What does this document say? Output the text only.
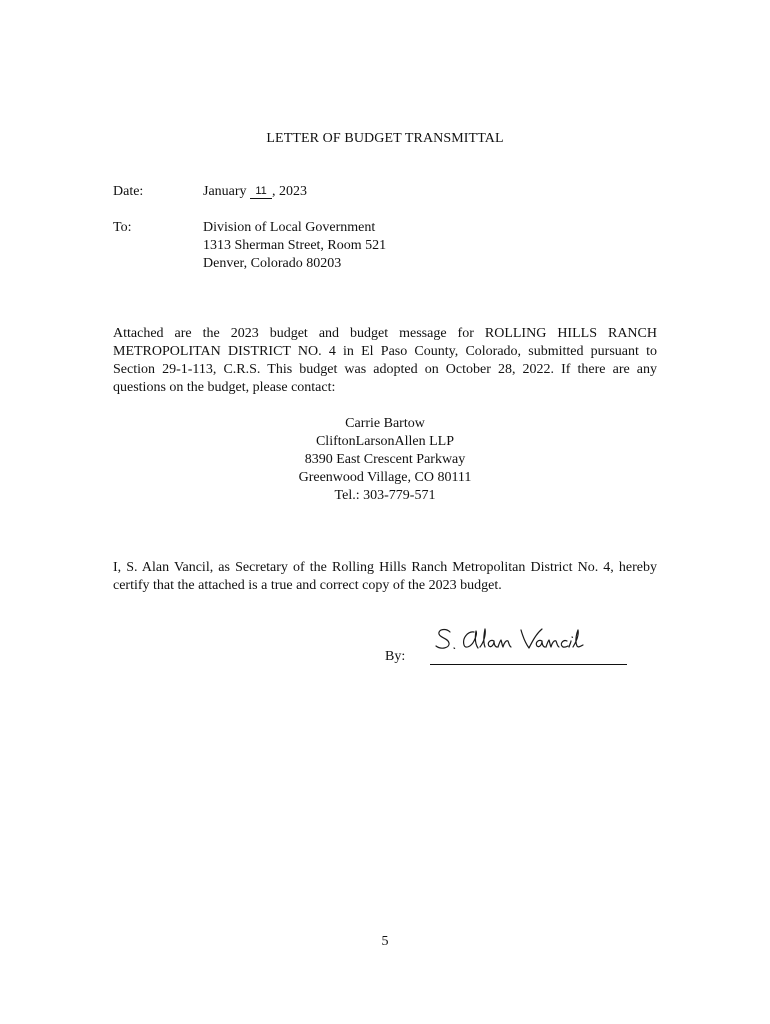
LETTER OF BUDGET TRANSMITTAL
Date:	January 11 , 2023
To:	Division of Local Government
1313 Sherman Street, Room 521
Denver, Colorado 80203
Attached are the 2023 budget and budget message for ROLLING HILLS RANCH METROPOLITAN DISTRICT NO. 4 in El Paso County, Colorado, submitted pursuant to Section 29-1-113, C.R.S. This budget was adopted on October 28, 2022. If there are any questions on the budget, please contact:
Carrie Bartow
CliftonLarsonAllen LLP
8390 East Crescent Parkway
Greenwood Village, CO 80111
Tel.: 303-779-571
I, S. Alan Vancil, as Secretary of the Rolling Hills Ranch Metropolitan District No. 4, hereby certify that the attached is a true and correct copy of the 2023 budget.
By:
5
